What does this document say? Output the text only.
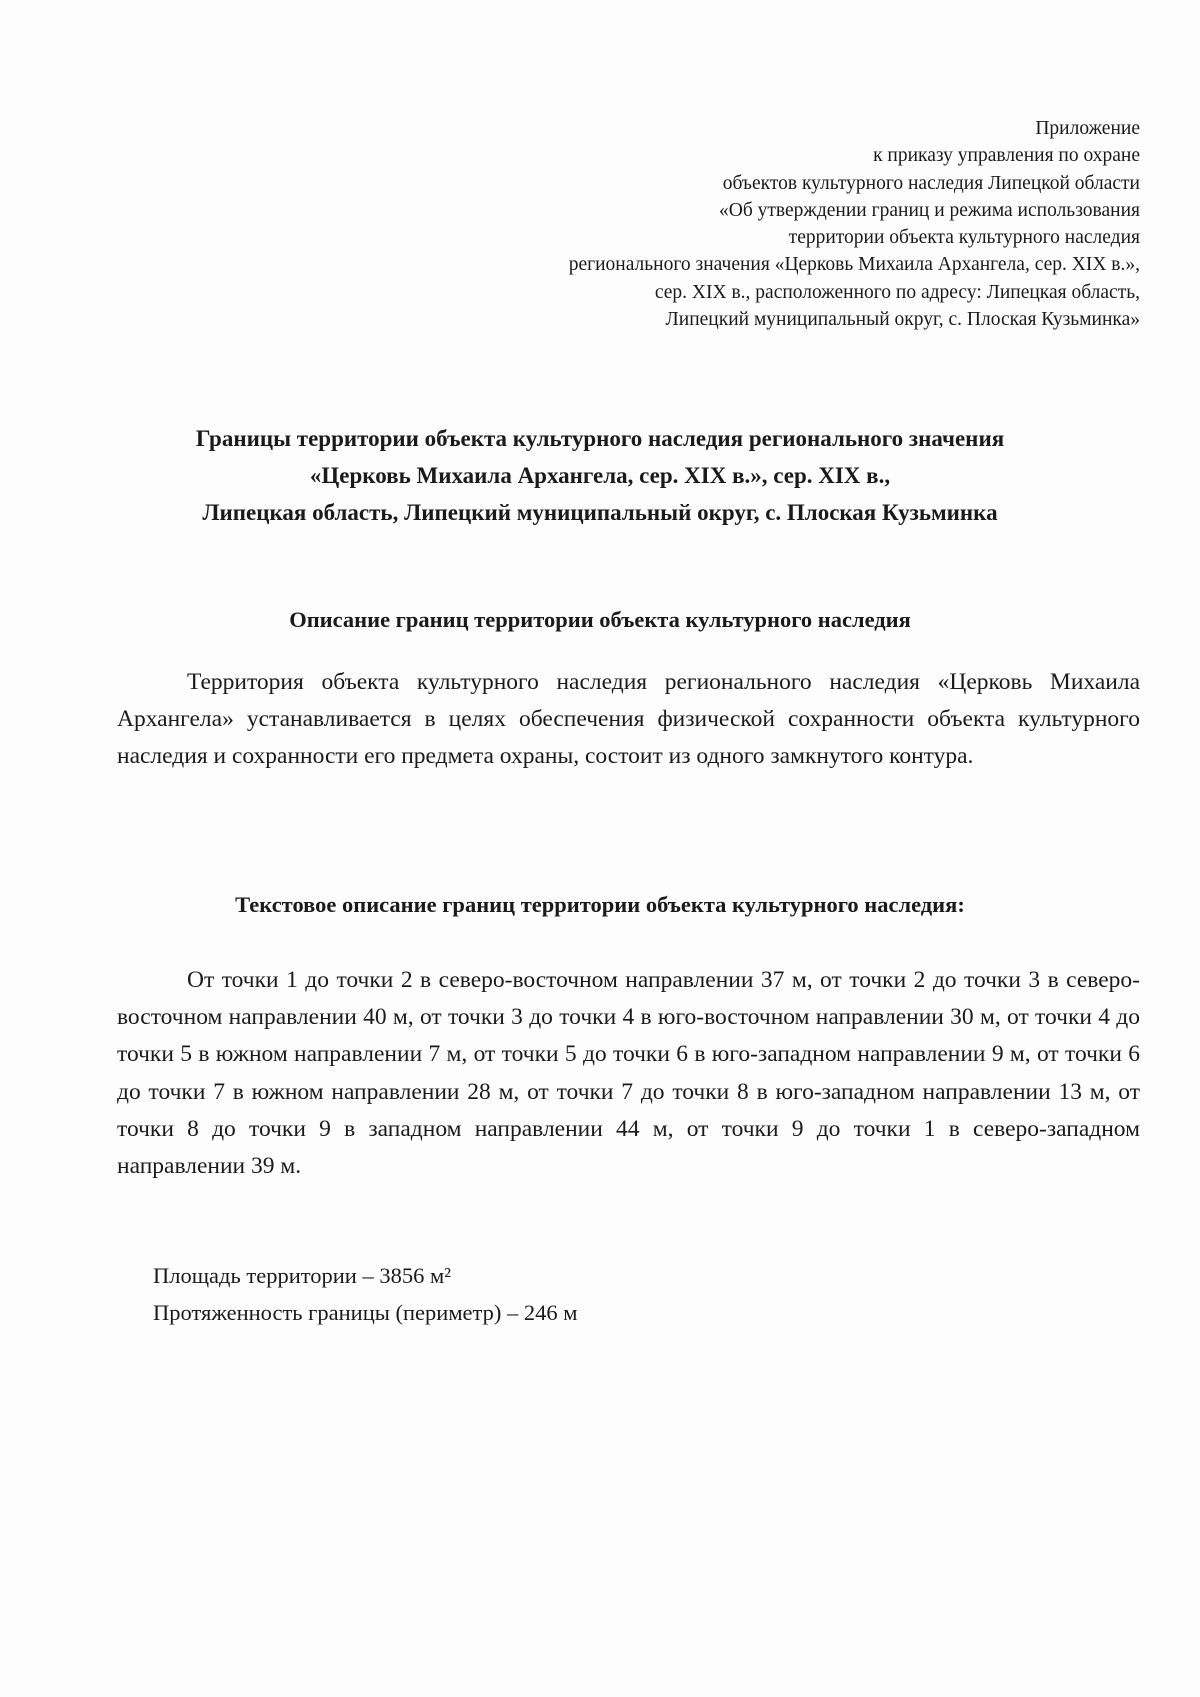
Приложение
к приказу управления по охране
объектов культурного наследия Липецкой области
«Об утверждении границ и режима использования
территории объекта культурного наследия
регионального значения «Церковь Михаила Архангела, сер. XIX в.»,
сер. XIX в., расположенного по адресу: Липецкая область,
Липецкий муниципальный округ, с. Плоская Кузьминка»
Границы территории объекта культурного наследия регионального значения
«Церковь Михаила Архангела, сер. XIX в.», сер. XIX в.,
Липецкая область, Липецкий муниципальный округ, с. Плоская Кузьминка
Описание границ территории объекта культурного наследия

Территория объекта культурного наследия регионального наследия «Церковь Михаила Архангела» устанавливается в целях обеспечения физической сохранности объекта культурного наследия и сохранности его предмета охраны, состоит из одного замкнутого контура.

Текстовое описание границ территории объекта культурного наследия:

От точки 1 до точки 2 в северо-восточном направлении 37 м, от точки 2 до точки 3 в северо-восточном направлении 40 м, от точки 3 до точки 4 в юго-восточном направлении 30 м, от точки 4 до точки 5 в южном направлении 7 м, от точки 5 до точки 6 в юго-западном направлении 9 м, от точки 6 до точки 7 в южном направлении 28 м, от точки 7 до точки 8 в юго-западном направлении 13 м, от точки 8 до точки 9 в западном направлении 44 м, от точки 9 до точки 1 в северо-западном направлении 39 м.

Площадь территории – 3856 м²
Протяженность границы (периметр) – 246 м
